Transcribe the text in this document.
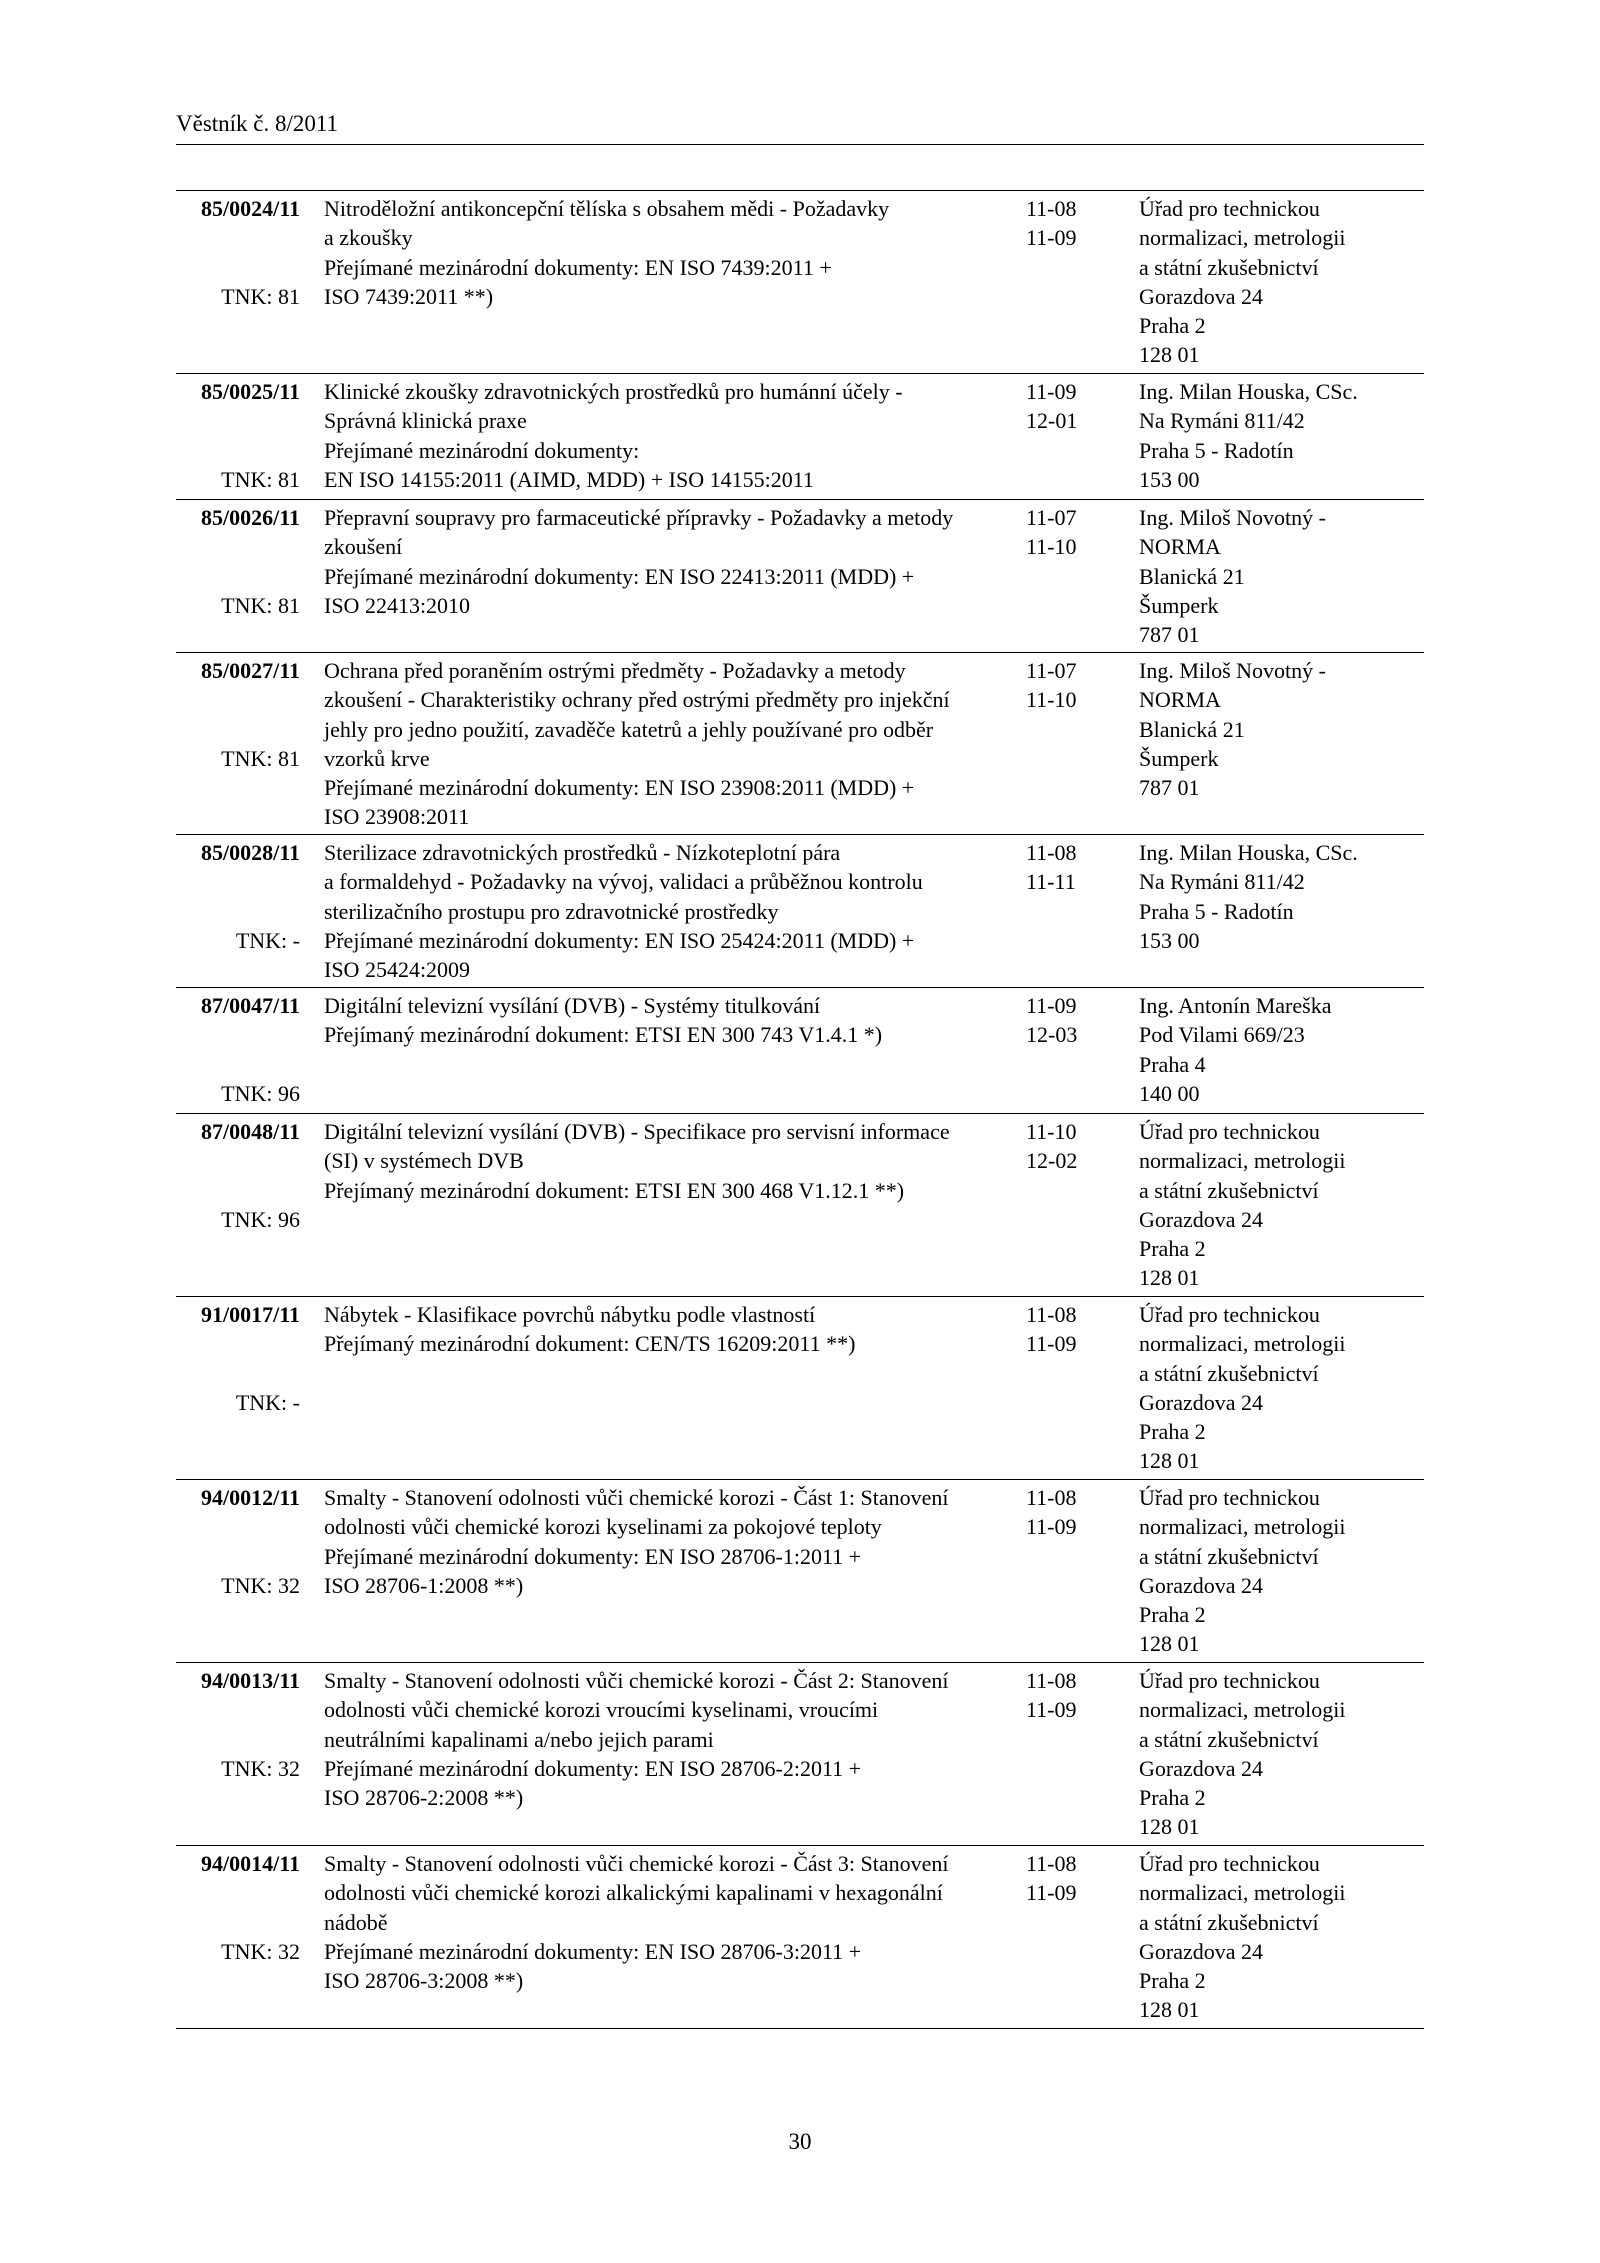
Věstník č. 8/2011
85/0024/11
TNK: 81
Nitroděložní antikoncepční tělíska s obsahem mědi - Požadavky
a zkoušky
Přejímané mezinárodní dokumenty: EN ISO 7439:2011 +
ISO 7439:2011 **)
11-08
11-09
Úřad pro technickou
normalizaci, metrologii
a státní zkušebnictví
Gorazdova 24
Praha 2
128 01
85/0025/11
TNK: 81
Klinické zkoušky zdravotnických prostředků pro humánní účely -
Správná klinická praxe
Přejímané mezinárodní dokumenty:
EN ISO 14155:2011 (AIMD, MDD) + ISO 14155:2011
11-09
12-01
Ing. Milan Houska, CSc.
Na Rymáni 811/42
Praha 5 - Radotín
153 00
85/0026/11
TNK: 81
Přepravní soupravy pro farmaceutické přípravky - Požadavky a metody
zkoušení
Přejímané mezinárodní dokumenty: EN ISO 22413:2011 (MDD) +
ISO 22413:2010
11-07
11-10
Ing. Miloš Novotný -
NORMA
Blanická 21
Šumperk
787 01
85/0027/11
TNK: 81
Ochrana před poraněním ostrými předměty - Požadavky a metody
zkoušení - Charakteristiky ochrany před ostrými předměty pro injekční
jehly pro jedno použití, zavaděče katetrů a jehly používané pro odběr
vzorků krve
Přejímané mezinárodní dokumenty: EN ISO 23908:2011 (MDD) +
ISO 23908:2011
11-07
11-10
Ing. Miloš Novotný -
NORMA
Blanická 21
Šumperk
787 01
85/0028/11
TNK: -
Sterilizace zdravotnických prostředků - Nízkoteplotní pára
a formaldehyd - Požadavky na vývoj, validaci a průběžnou kontrolu
sterilizačního prostupu pro zdravotnické prostředky
Přejímané mezinárodní dokumenty: EN ISO 25424:2011 (MDD) +
ISO 25424:2009
11-08
11-11
Ing. Milan Houska, CSc.
Na Rymáni 811/42
Praha 5 - Radotín
153 00
87/0047/11
TNK: 96
Digitální televizní vysílání (DVB) - Systémy titulkování
Přejímaný mezinárodní dokument: ETSI EN 300 743 V1.4.1 *)
11-09
12-03
Ing. Antonín Mareška
Pod Vilami 669/23
Praha 4
140 00
87/0048/11
TNK: 96
Digitální televizní vysílání (DVB) - Specifikace pro servisní informace
(SI) v systémech DVB
Přejímaný mezinárodní dokument: ETSI EN 300 468 V1.12.1 **)
11-10
12-02
Úřad pro technickou
normalizaci, metrologii
a státní zkušebnictví
Gorazdova 24
Praha 2
128 01
91/0017/11
TNK: -
Nábytek - Klasifikace povrchů nábytku podle vlastností
Přejímaný mezinárodní dokument: CEN/TS 16209:2011 **)
11-08
11-09
Úřad pro technickou
normalizaci, metrologii
a státní zkušebnictví
Gorazdova 24
Praha 2
128 01
94/0012/11
TNK: 32
Smalty - Stanovení odolnosti vůči chemické korozi - Část 1: Stanovení
odolnosti vůči chemické korozi kyselinami za pokojové teploty
Přejímané mezinárodní dokumenty: EN ISO 28706-1:2011 +
ISO 28706-1:2008 **)
11-08
11-09
Úřad pro technickou
normalizaci, metrologii
a státní zkušebnictví
Gorazdova 24
Praha 2
128 01
94/0013/11
TNK: 32
Smalty - Stanovení odolnosti vůči chemické korozi - Část 2: Stanovení
odolnosti vůči chemické korozi vroucími kyselinami, vroucími
neutrálními kapalinami a/nebo jejich parami
Přejímané mezinárodní dokumenty: EN ISO 28706-2:2011 +
ISO 28706-2:2008 **)
11-08
11-09
Úřad pro technickou
normalizaci, metrologii
a státní zkušebnictví
Gorazdova 24
Praha 2
128 01
94/0014/11
TNK: 32
Smalty - Stanovení odolnosti vůči chemické korozi - Část 3: Stanovení
odolnosti vůči chemické korozi alkalickými kapalinami v hexagonální
nádobě
Přejímané mezinárodní dokumenty: EN ISO 28706-3:2011 +
ISO 28706-3:2008 **)
11-08
11-09
Úřad pro technickou
normalizaci, metrologii
a státní zkušebnictví
Gorazdova 24
Praha 2
128 01
30
